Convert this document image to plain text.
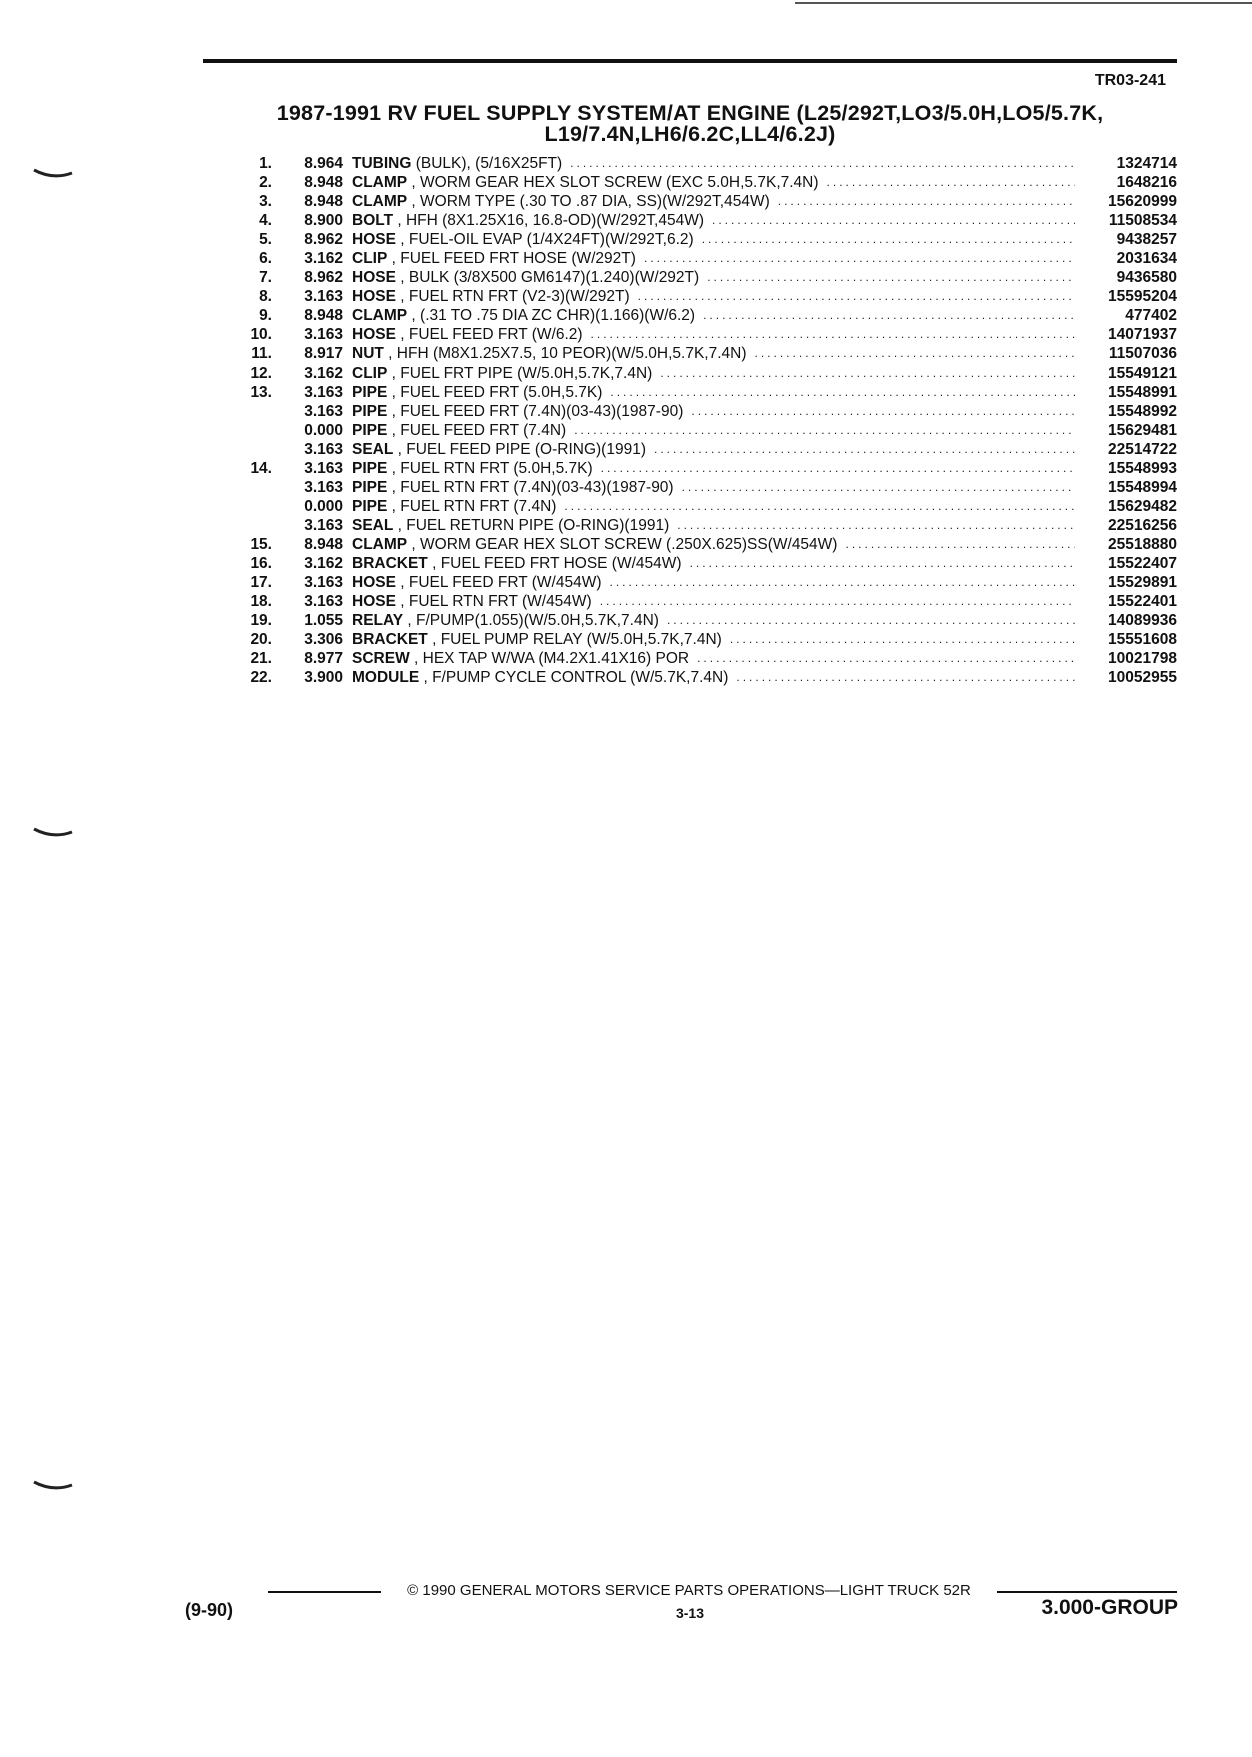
TR03-241
1987-1991 RV FUEL SUPPLY SYSTEM/AT ENGINE (L25/292T,LO3/5.0H,LO5/5.7K,
L19/7.4N,LH6/6.2C,LL4/6.2J)
1.	8.964 TUBING (BULK), (5/16X25FT) .....	1324714
2.	8.948 CLAMP , WORM GEAR HEX SLOT SCREW (EXC 5.0H,5.7K,7.4N) .....	1648216
3.	8.948 CLAMP , WORM TYPE (.30 TO .87 DIA, SS)(W/292T,454W) .....	15620999
4.	8.900 BOLT , HFH (8X1.25X16, 16.8-OD)(W/292T,454W) .....	11508534
5.	8.962 HOSE , FUEL-OIL EVAP (1/4X24FT)(W/292T,6.2) .....	9438257
6.	3.162 CLIP , FUEL FEED FRT HOSE (W/292T) .....	2031634
7.	8.962 HOSE , BULK (3/8X500 GM6147)(1.240)(W/292T) .....	9436580
8.	3.163 HOSE , FUEL RTN FRT (V2-3)(W/292T) .....	15595204
9.	8.948 CLAMP , (.31 TO .75 DIA ZC CHR)(1.166)(W/6.2) .....	477402
10.	3.163 HOSE , FUEL FEED FRT (W/6.2) .....	14071937
11.	8.917 NUT , HFH (M8X1.25X7.5, 10 PEOR)(W/5.0H,5.7K,7.4N) .....	11507036
12.	3.162 CLIP , FUEL FRT PIPE (W/5.0H,5.7K,7.4N) .....	15549121
13.	3.163 PIPE , FUEL FEED FRT (5.0H,5.7K) .....	15548991
3.163 PIPE , FUEL FEED FRT (7.4N)(03-43)(1987-90) .....	15548992
0.000 PIPE , FUEL FEED FRT (7.4N) .....	15629481
3.163 SEAL , FUEL FEED PIPE (O-RING)(1991) .....	22514722
14.	3.163 PIPE , FUEL RTN FRT (5.0H,5.7K) .....	15548993
3.163 PIPE , FUEL RTN FRT (7.4N)(03-43)(1987-90) .....	15548994
0.000 PIPE , FUEL RTN FRT (7.4N) .....	15629482
3.163 SEAL , FUEL RETURN PIPE (O-RING)(1991) .....	22516256
15.	8.948 CLAMP , WORM GEAR HEX SLOT SCREW (.250X.625)SS(W/454W) .....	25518880
16.	3.162 BRACKET , FUEL FEED FRT HOSE (W/454W) .....	15522407
17.	3.163 HOSE , FUEL FEED FRT (W/454W) .....	15529891
18.	3.163 HOSE , FUEL RTN FRT (W/454W) .....	15522401
19.	1.055 RELAY , F/PUMP(1.055)(W/5.0H,5.7K,7.4N) .....	14089936
20.	3.306 BRACKET , FUEL PUMP RELAY (W/5.0H,5.7K,7.4N) .....	15551608
21.	8.977 SCREW , HEX TAP W/WA (M4.2X1.41X16) POR .....	10021798
22.	3.900 MODULE , F/PUMP CYCLE CONTROL (W/5.7K,7.4N) .....	10052955
© 1990 GENERAL MOTORS SERVICE PARTS OPERATIONS—LIGHT TRUCK 52R
(9-90)	3-13	3.000-GROUP
